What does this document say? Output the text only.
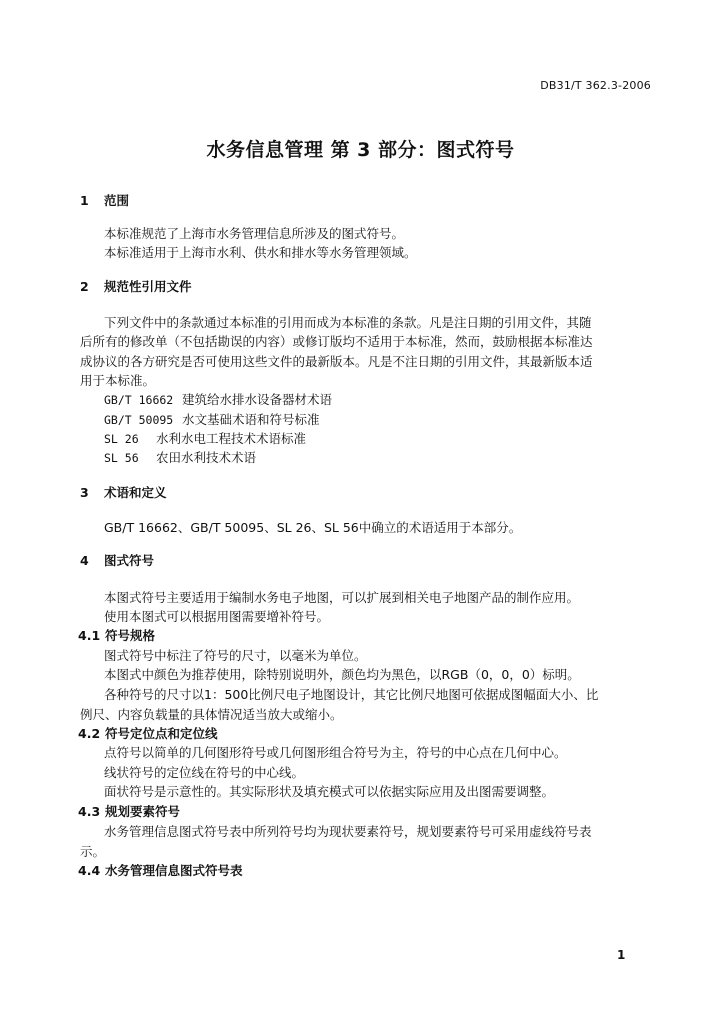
DB31/T 362.3-2006
水务信息管理 第 3 部分：图式符号
1 范围
本标准规范了上海市水务管理信息所涉及的图式符号。
本标准适用于上海市水利、供水和排水等水务管理领域。
2 规范性引用文件
下列文件中的条款通过本标准的引用而成为本标准的条款。凡是注日期的引用文件，其随
后所有的修改单（不包括勘误的内容）或修订版均不适用于本标准，然而，鼓励根据本标准达
成协议的各方研究是否可使用这些文件的最新版本。凡是不注日期的引用文件，其最新版本适
用于本标准。
GB/T 16662 建筑给水排水设备器材术语
GB/T 50095 水文基础术语和符号标准
SL 26 水利水电工程技术术语标准
SL 56 农田水利技术术语
3 术语和定义
GB/T 16662、GB/T 50095、SL 26、SL 56中确立的术语适用于本部分。
4 图式符号
本图式符号主要适用于编制水务电子地图，可以扩展到相关电子地图产品的制作应用。
使用本图式可以根据用图需要增补符号。
4.1 符号规格
图式符号中标注了符号的尺寸，以毫米为单位。
本图式中颜色为推荐使用，除特别说明外，颜色均为黑色，以RGB（0，0，0）标明。
各种符号的尺寸以1：500比例尺电子地图设计，其它比例尺地图可依据成图幅面大小、比
例尺、内容负载量的具体情况适当放大或缩小。
4.2 符号定位点和定位线
点符号以简单的几何图形符号或几何图形组合符号为主，符号的中心点在几何中心。
线状符号的定位线在符号的中心线。
面状符号是示意性的。其实际形状及填充模式可以依据实际应用及出图需要调整。
4.3 规划要素符号
水务管理信息图式符号表中所列符号均为现状要素符号，规划要素符号可采用虚线符号表
示。
4.4 水务管理信息图式符号表
1
